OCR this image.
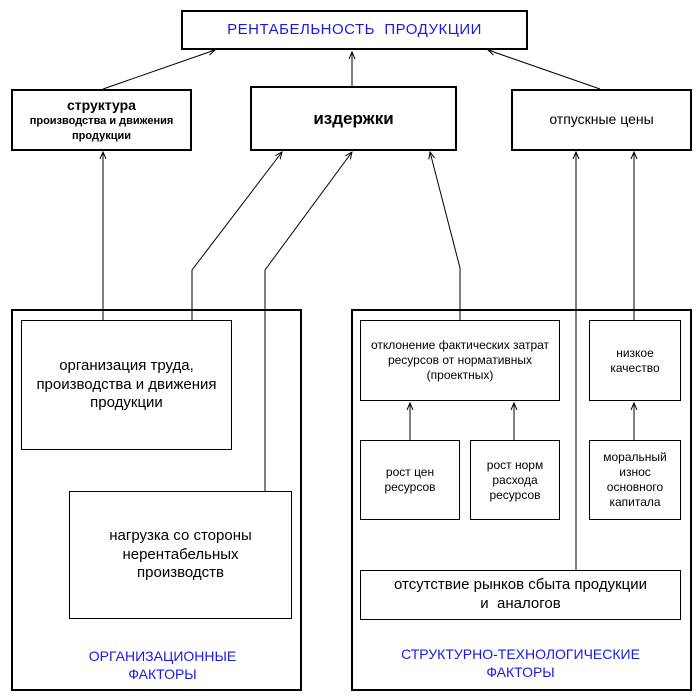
РЕНТАБЕЛЬНОСТЬ  ПРОДУКЦИИ
структура
производства и движения продукции
издержки	отпускные цены
организация труда, производства и движения продукции
нагрузка со стороны нерентабельных производств
ОРГАНИЗАЦИОННЫЕ ФАКТОРЫ
отклонение фактических затрат ресурсов от нормативных (проектных)
низкое качество
рост цен ресурсов
рост норм расхода ресурсов
моральный износ основного капитала
отсутствие рынков сбыта продукции  и  аналогов
СТРУКТУРНО-ТЕХНОЛОГИЧЕСКИЕ ФАКТОРЫ
